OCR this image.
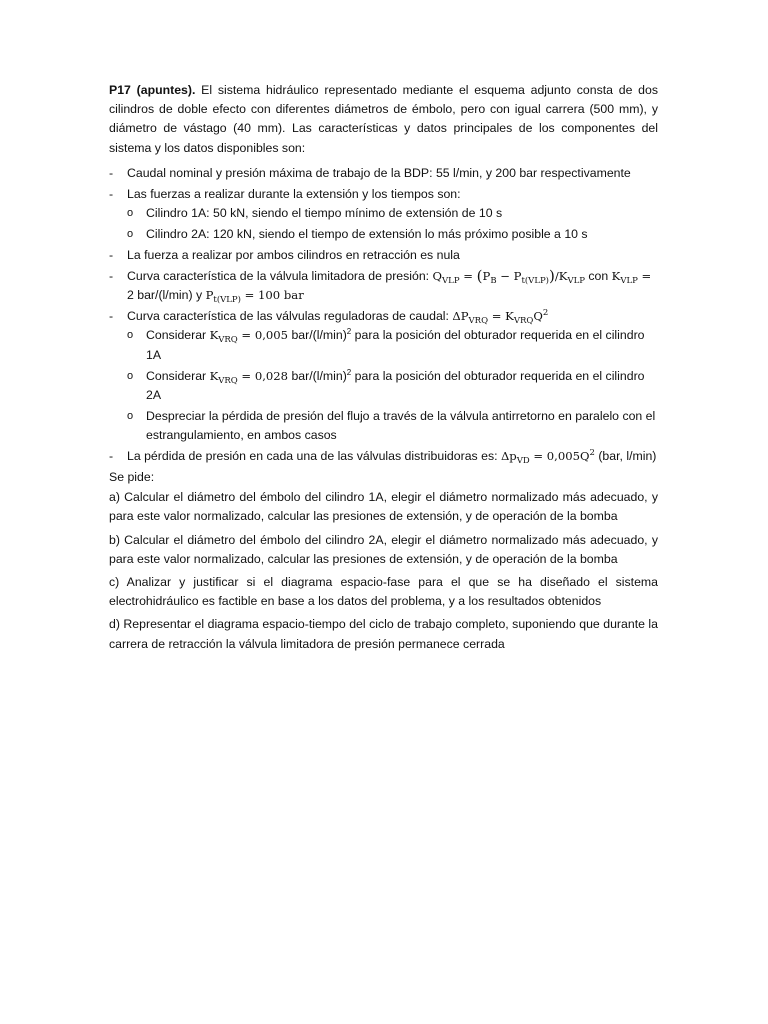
P17 (apuntes). El sistema hidráulico representado mediante el esquema adjunto consta de dos cilindros de doble efecto con diferentes diámetros de émbolo, pero con igual carrera (500 mm), y diámetro de vástago (40 mm). Las características y datos principales de los componentes del sistema y los datos disponibles son:

-	Caudal nominal y presión máxima de trabajo de la BDP: 55 l/min, y 200 bar respectivamente
-	Las fuerzas a realizar durante la extensión y los tiempos son:
o	Cilindro 1A: 50 kN, siendo el tiempo mínimo de extensión de 10 s
o	Cilindro 2A: 120 kN, siendo el tiempo de extensión lo más próximo posible a 10 s
-	La fuerza a realizar por ambos cilindros en retracción es nula
-	Curva característica de la válvula limitadora de presión: $Q_{VLP} = (P_B - P_{t(VLP)})/K_{VLP}$ con $K_{VLP}$ =
2 bar/(l/min) y $P_{t(VLP)} = 100$ bar
-	Curva característica de las válvulas reguladoras de caudal: $\Delta P_{VRQ} = K_{VRQ}Q^2$
o	Considerar $K_{VRQ} = 0,005$ bar/$(l/\min)^2$ para la posición del obturador requerida en el cilindro 1A
o	Considerar $K_{VRQ} = 0,028$ bar/$(l/\min)^2$ para la posición del obturador requerida en el cilindro 2A
o	Despreciar la pérdida de presión del flujo a través de la válvula antirretorno en paralelo con el estrangulamiento, en ambos casos
-	La pérdida de presión en cada una de las válvulas distribuidoras es: $\Delta p_{VD} = 0,005Q^2$ (bar, l/min)

Se pide:

a) Calcular el diámetro del émbolo del cilindro 1A, elegir el diámetro normalizado más adecuado, y para este valor normalizado, calcular las presiones de extensión, y de operación de la bomba

b) Calcular el diámetro del émbolo del cilindro 2A, elegir el diámetro normalizado más adecuado, y para este valor normalizado, calcular las presiones de extensión, y de operación de la bomba

c) Analizar y justificar si el diagrama espacio-fase para el que se ha diseñado el sistema electrohidráulico es factible en base a los datos del problema, y a los resultados obtenidos

d) Representar el diagrama espacio-tiempo del ciclo de trabajo completo, suponiendo que durante la carrera de retracción la válvula limitadora de presión permanece cerrada
